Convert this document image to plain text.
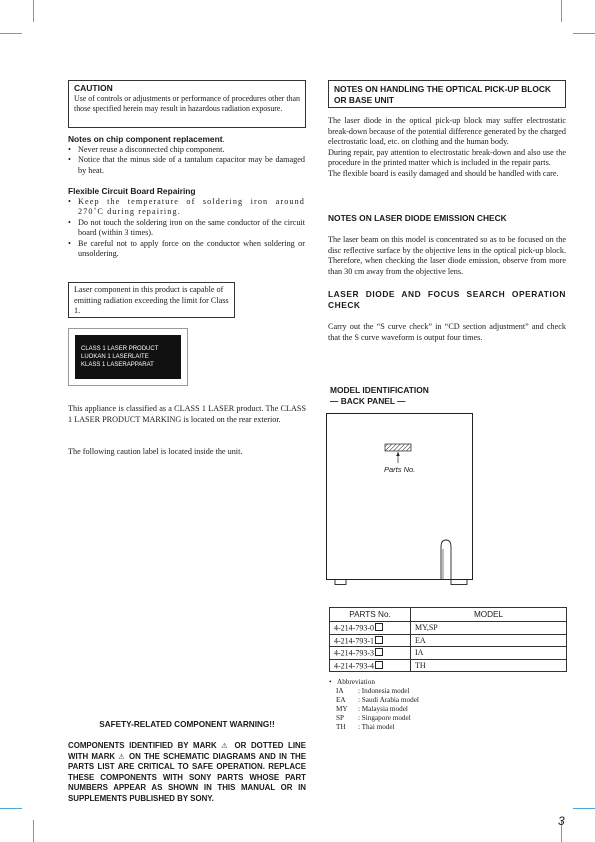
CAUTION

Use of controls or adjustments or performance of procedures other than those specified herein may result in hazardous radiation exposure.

Notes on chip component replacement.
• Never reuse a disconnected chip component.
• Notice that the minus side of a tantalum capacitor may be damaged by heat.
Flexible Circuit Board Repairing
• Keep the temperature of soldering iron around 270˚C during repairing.
• Do not touch the soldering iron on the same conductor of the circuit board (within 3 times).
• Be careful not to apply force on the conductor when soldering or unsoldering.

Laser component in this product is capable of emitting radiation exceeding the limit for Class 1.

CLASS 1 LASER PRODUCT
LUOKAN 1 LASERLAITE
KLASS 1 LASERAPPARAT

This appliance is classified as a CLASS 1 LASER product. The CLASS 1 LASER PRODUCT MARKING is located on the rear exterior.

The following caution label is located inside the unit.

SAFETY-RELATED COMPONENT WARNING!!

COMPONENTS IDENTIFIED BY MARK ⚠ OR DOTTED LINE WITH MARK ⚠ ON THE SCHEMATIC DIAGRAMS AND IN THE PARTS LIST ARE CRITICAL TO SAFE OPERATION. REPLACE THESE COMPONENTS WITH SONY PARTS WHOSE PART NUMBERS APPEAR AS SHOWN IN THIS MANUAL OR IN SUPPLEMENTS PUBLISHED BY SONY.

NOTES ON HANDLING THE OPTICAL PICK-UP BLOCK OR BASE UNIT

The laser diode in the optical pick-up block may suffer electrostatic break-down because of the potential difference generated by the charged electrostatic load, etc. on clothing and the human body.

During repair, pay attention to electrostatic break-down and also use the procedure in the printed matter which is included in the repair parts.

The flexible board is easily damaged and should be handled with care.

NOTES ON LASER DIODE EMISSION CHECK

The laser beam on this model is concentrated so as to be focused on the disc reflective surface by the objective lens in the optical pick-up block. Therefore, when checking the laser diode emission, observe from more than 30 cm away from the objective lens.

LASER DIODE AND FOCUS SEARCH OPERATION CHECK

Carry out the “S curve check” in “CD section adjustment” and check that the S curve waveform is output four times.

MODEL IDENTIFICATION
— BACK PANEL —
Parts No.
PARTS No.	MODEL
4-214-793-0	MY,SP
4-214-793-1	EA
4-214-793-3	IA
4-214-793-4	TH
• Abbreviation
IA	: Indonesia model
EA	: Saudi Arabia model
MY	: Malaysia model
SP	: Singapore model
TH	: Thai model
3
